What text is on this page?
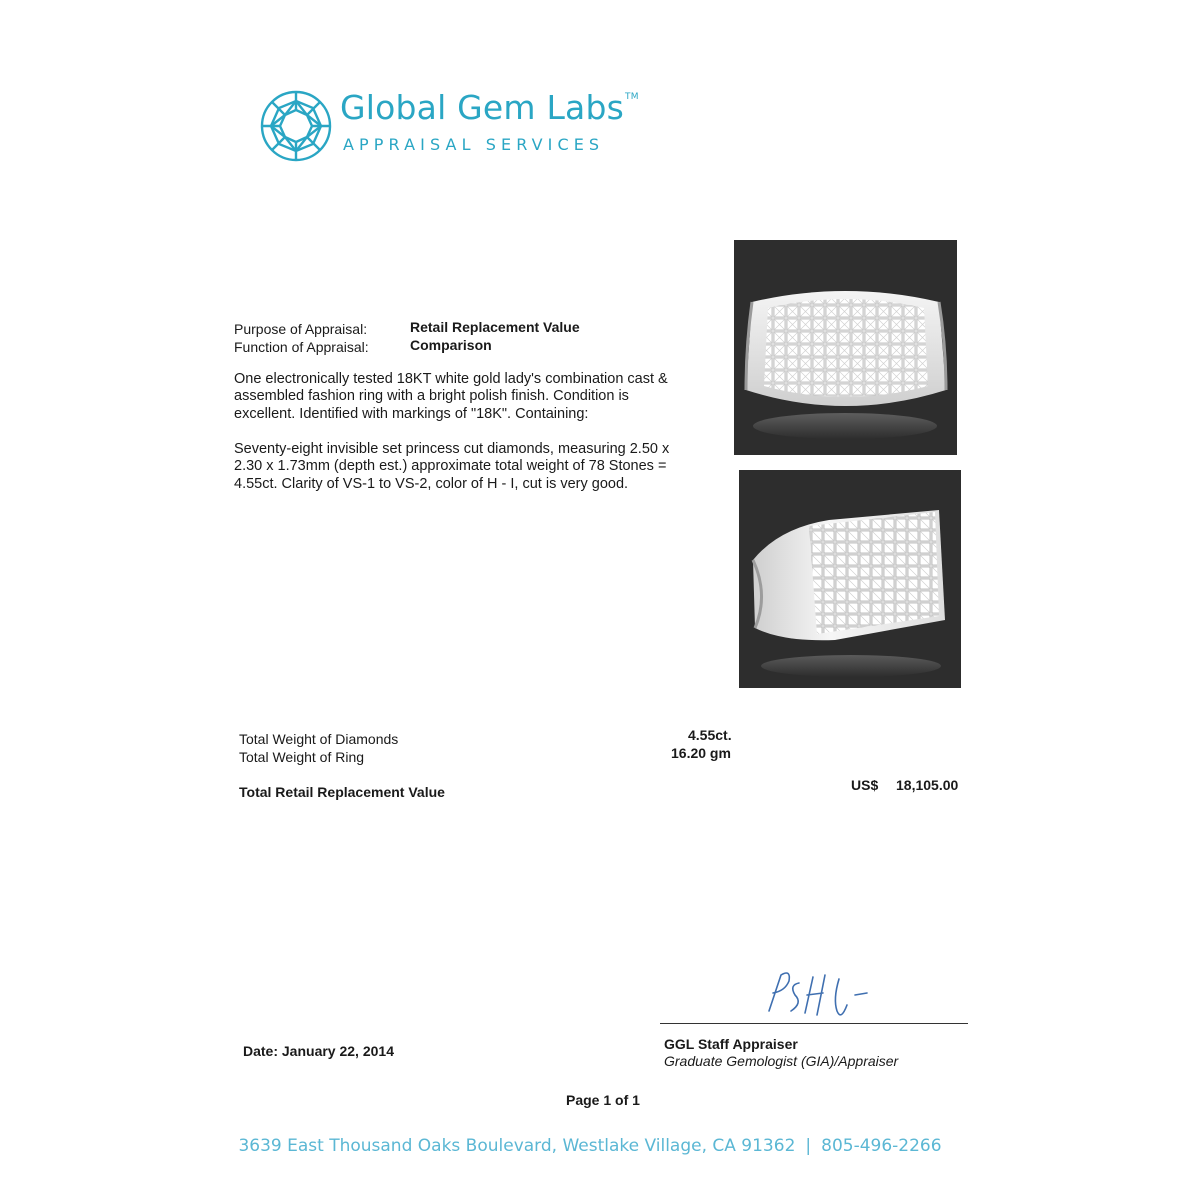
Global Gem Labs™
APPRAISAL SERVICES
Purpose of Appraisal:	Retail Replacement Value
Function of Appraisal:	Comparison

One electronically tested 18KT white gold lady's combination cast & assembled fashion ring with a bright polish finish. Condition is excellent. Identified with markings of "18K". Containing:

Seventy-eight invisible set princess cut diamonds, measuring 2.50 x 2.30 x 1.73mm (depth est.) approximate total weight of 78 Stones = 4.55ct. Clarity of VS-1 to VS-2, color of H - I, cut is very good.

Total Weight of Diamonds	4.55ct.
Total Weight of Ring	16.20 gm
Total Retail Replacement Value	US$ 18,105.00
GGL Staff Appraiser
Graduate Gemologist (GIA)/Appraiser
Date: January 22, 2014
Page 1 of 1
3639 East Thousand Oaks Boulevard, Westlake Village, CA 91362 | 805-496-2266
